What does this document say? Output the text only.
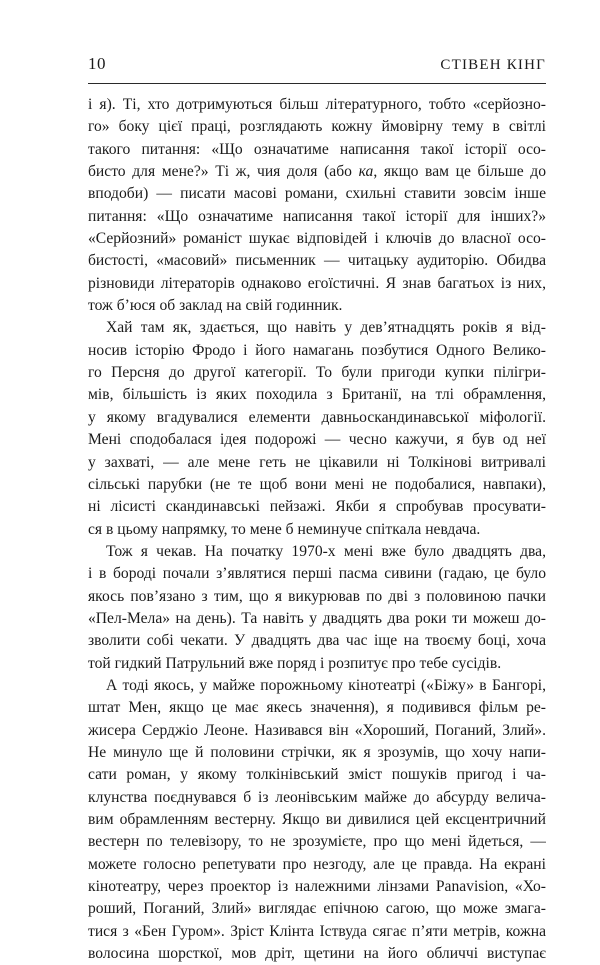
10	СТІВЕН КІНГ
і я). Ті, хто дотримуються більш літературного, тобто «серйозно-
го» боку цієї праці, розглядають кожну ймовірну тему в світлі
такого питання: «Що означатиме написання такої історії осо-
бисто для мене?» Ті ж, чия доля (або ка, якщо вам це більше до
вподоби) — писати масові романи, схильні ставити зовсім інше
питання: «Що означатиме написання такої історії для інших?»
«Серйозний» романіст шукає відповідей і ключів до власної осо-
бистості, «масовий» письменник — читацьку аудиторію. Обидва
різновиди літераторів однаково егоїстичні. Я знав багатьох із них,
тож б’юся об заклад на свій годинник.
Хай там як, здається, що навіть у дев’ятнадцять років я від-
носив історію Фродо і його намагань позбутися Одного Велико-
го Персня до другої категорії. То були пригоди купки пілігри-
мів, більшість із яких походила з Британії, на тлі обрамлення,
у якому вгадувалися елементи давньоскандинавської міфології.
Мені сподобалася ідея подорожі — чесно кажучи, я був од неї
у захваті, — але мене геть не цікавили ні Толкінові витривалі
сільські парубки (не те щоб вони мені не подобалися, навпаки),
ні лісисті скандинавські пейзажі. Якби я спробував просувати-
ся в цьому напрямку, то мене б неминуче спіткала невдача.
Тож я чекав. На початку 1970-х мені вже було двадцять два,
і в бороді почали з’являтися перші пасма сивини (гадаю, це було
якось пов’язано з тим, що я викурював по дві з половиною пачки
«Пел-Мела» на день). Та навіть у двадцять два роки ти можеш до-
зволити собі чекати. У двадцять два час іще на твоєму боці, хоча
той гидкий Патрульний вже поряд і розпитує про тебе сусідів.
А тоді якось, у майже порожньому кінотеатрі («Біжу» в Бангорі,
штат Мен, якщо це має якесь значення), я подивився фільм ре-
жисера Серджіо Леоне. Називався він «Хороший, Поганий, Злий».
Не минуло ще й половини стрічки, як я зрозумів, що хочу напи-
сати роман, у якому толкінівський зміст пошуків пригод і ча-
клунства поєднувався б із леонівським майже до абсурду велича-
вим обрамленням вестерну. Якщо ви дивилися цей ексцентричний
вестерн по телевізору, то не зрозумієте, про що мені йдеться, —
можете голосно репетувати про незгоду, але це правда. На екрані
кінотеатру, через проектор із належними лінзами Panavision, «Хо-
роший, Поганий, Злий» виглядає епічною сагою, що може змага-
тися з «Бен Гуром». Зріст Клінта Іствуда сягає п’яти метрів, кожна
волосина шорсткої, мов дріт, щетини на його обличчі виступає
